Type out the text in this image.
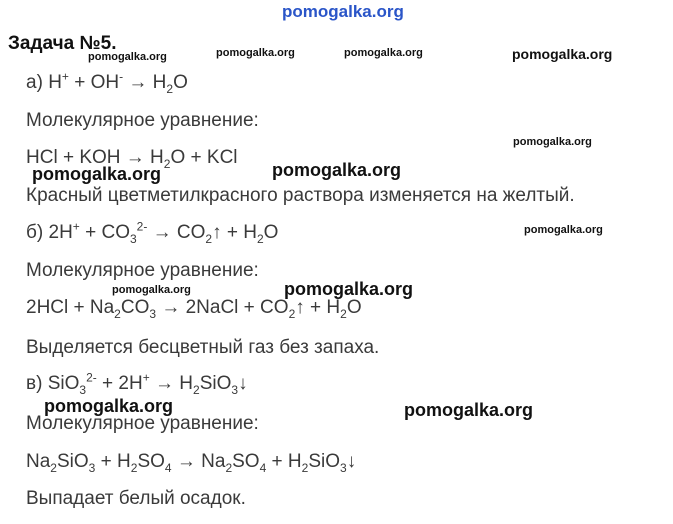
pomogalka.org
Задача №5.
pomogalka.org	pomogalka.org	pomogalka.org	pomogalka.org
pomogalka.org
pomogalka.org
pomogalka.org
pomogalka.org
pomogalka.org	pomogalka.org
pomogalka.org	pomogalka.org
а) $H^+ + OH^- \to H_2O$
Молекулярное уравнение:
HCl + KOH → $H_2O$ + KCl
Красный цветметилкрасного раствора изменяется на желтый.
б) $2H^+ + CO_3^{2-}$ → $CO_2↑ + H_2O$
Молекулярное уравнение:
$2HCl + Na_2CO_3$ → 2NaCl + $CO_2↑ + H_2O$
Выделяется бесцветный газ без запаха.
в) $SiO_3^{2-} + 2H^+ \to H_2SiO_3↓$
Молекулярное уравнение:
$Na_2SiO_3 + H_2SO_4 \to Na_2SO_4$ + $H_2SiO_3↓$
Выпадает белый осадок.
